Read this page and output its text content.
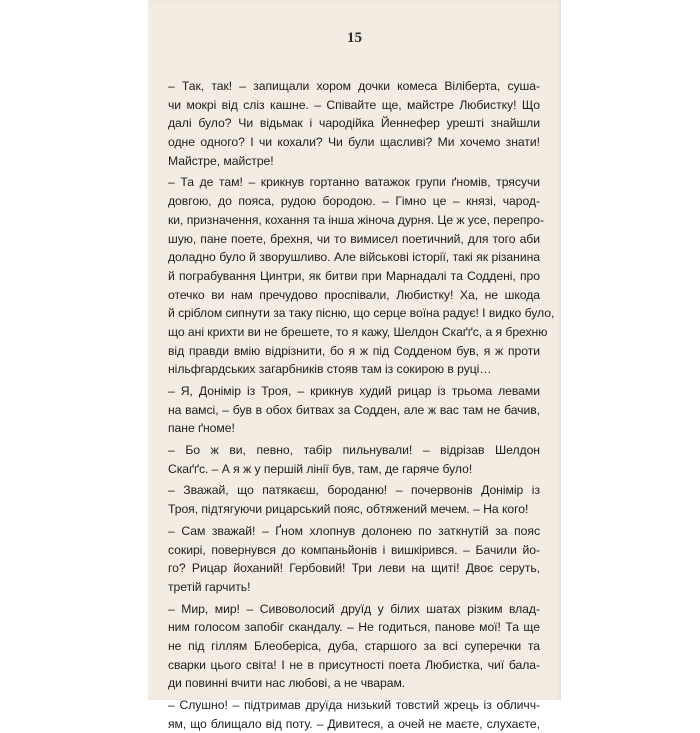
15
– Так, так! – запищали хором дочки комеса Віліберта, суша-
чи мокрі від сліз кашне. – Співайте ще, майстре Любистку! Що
далі було? Чи відьмак і чародійка Йеннефер урешті знайшли
одне одного? І чи кохали? Чи були щасливі? Ми хочемо знати!
Майстре, майстре!
– Та де там! – крикнув гортанно ватажок групи ґномів, трясучи
довгою, до пояса, рудою бородою. – Гімно це – князі, чарод-
ки, призначення, кохання та інша жіноча дурня. Це ж усе, перепро-
шую, пане поете, брехня, чи то вимисел поетичний, для того аби
доладно було й зворушливо. Але військові історії, такі як різанина
й пограбування Цинтри, як битви при Марнадалі та Соддені, про
отечко ви нам пречудово проспівали, Любистку! Ха, не шкода
й сріблом сипнути за таку пісню, що серце воїна радує! І видко було,
що ані крихти ви не брешете, то я кажу, Шелдон Скаґґс, а я брехню
від правди вмію відрізнити, бо я ж під Содденом був, я ж проти
нільфгардських загарбників стояв там із сокирою в руці…
– Я, Донімір із Троя, – крикнув худий рицар із трьома левами
на вамсі, – був в обох битвах за Содден, але ж вас там не бачив,
пане ґноме!
– Бо ж ви, певно, табір пильнували! – відрізав Шелдон
Скаґґс. – А я ж у першій лінії був, там, де гаряче було!
– Зважай, що патякаєш, бороданю! – почервонів Донімір із
Троя, підтягуючи рицарський пояс, обтяжений мечем. – На кого!
– Сам зважай! – Ґном хлопнув долонею по заткнутій за пояс
сокирі, повернувся до компаньйонів і вишкірився. – Бачили йо-
го? Рицар йоханий! Гербовий! Три леви на щиті! Двоє серуть,
третій гарчить!
– Мир, мир! – Сивоволосий друїд у білих шатах різким влад-
ним голосом запобіг скандалу. – Не годиться, панове мої! Та ще
не під гіллям Блеоберіса, дуба, старшого за всі суперечки та
сварки цього світа! І не в присутності поета Любистка, чиї бала-
ди повинні вчити нас любові, а не чварам.
– Слушно! – підтримав друїда низький товстий жрець із обличч-
ям, що блищало від поту. – Дивитеся, а очей не маєте, слухаєте,
